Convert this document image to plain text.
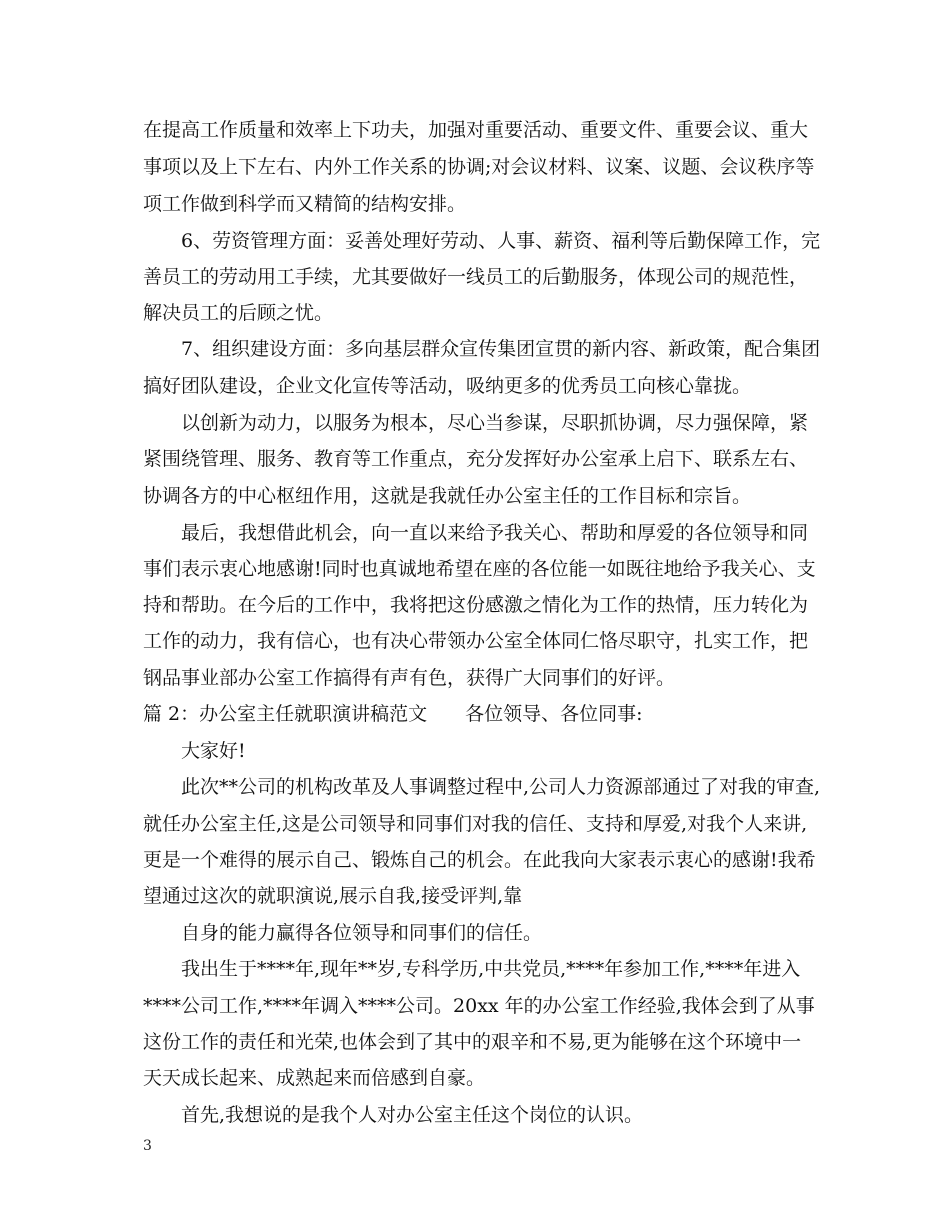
在提高工作质量和效率上下功夫，加强对重要活动、重要文件、重要会议、重大
事项以及上下左右、内外工作关系的协调;对会议材料、议案、议题、会议秩序等
项工作做到科学而又精简的结构安排。
6、劳资管理方面：妥善处理好劳动、人事、薪资、福利等后勤保障工作，完
善员工的劳动用工手续，尤其要做好一线员工的后勤服务，体现公司的规范性，
解决员工的后顾之忧。
7、组织建设方面：多向基层群众宣传集团宣贯的新内容、新政策，配合集团
搞好团队建设，企业文化宣传等活动，吸纳更多的优秀员工向核心靠拢。
以创新为动力，以服务为根本，尽心当参谋，尽职抓协调，尽力强保障，紧
紧围绕管理、服务、教育等工作重点，充分发挥好办公室承上启下、联系左右、
协调各方的中心枢纽作用，这就是我就任办公室主任的工作目标和宗旨。
最后，我想借此机会，向一直以来给予我关心、帮助和厚爱的各位领导和同
事们表示衷心地感谢!同时也真诚地希望在座的各位能一如既往地给予我关心、支
持和帮助。在今后的工作中，我将把这份感激之情化为工作的热情，压力转化为
工作的动力，我有信心，也有决心带领办公室全体同仁恪尽职守，扎实工作，把
钢品事业部办公室工作搞得有声有色，获得广大同事们的好评。
篇 2：办公室主任就职演讲稿范文　　各位领导、各位同事:
大家好!
此次**公司的机构改革及人事调整过程中,公司人力资源部通过了对我的审查,
就任办公室主任,这是公司领导和同事们对我的信任、支持和厚爱,对我个人来讲,
更是一个难得的展示自己、锻炼自己的机会。在此我向大家表示衷心的感谢!我希
望通过这次的就职演说,展示自我,接受评判,靠
自身的能力赢得各位领导和同事们的信任。
我出生于****年,现年**岁,专科学历,中共党员,****年参加工作,****年进入
****公司工作,****年调入****公司。20xx 年的办公室工作经验,我体会到了从事
这份工作的责任和光荣,也体会到了其中的艰辛和不易,更为能够在这个环境中一
天天成长起来、成熟起来而倍感到自豪。
首先,我想说的是我个人对办公室主任这个岗位的认识。
3
